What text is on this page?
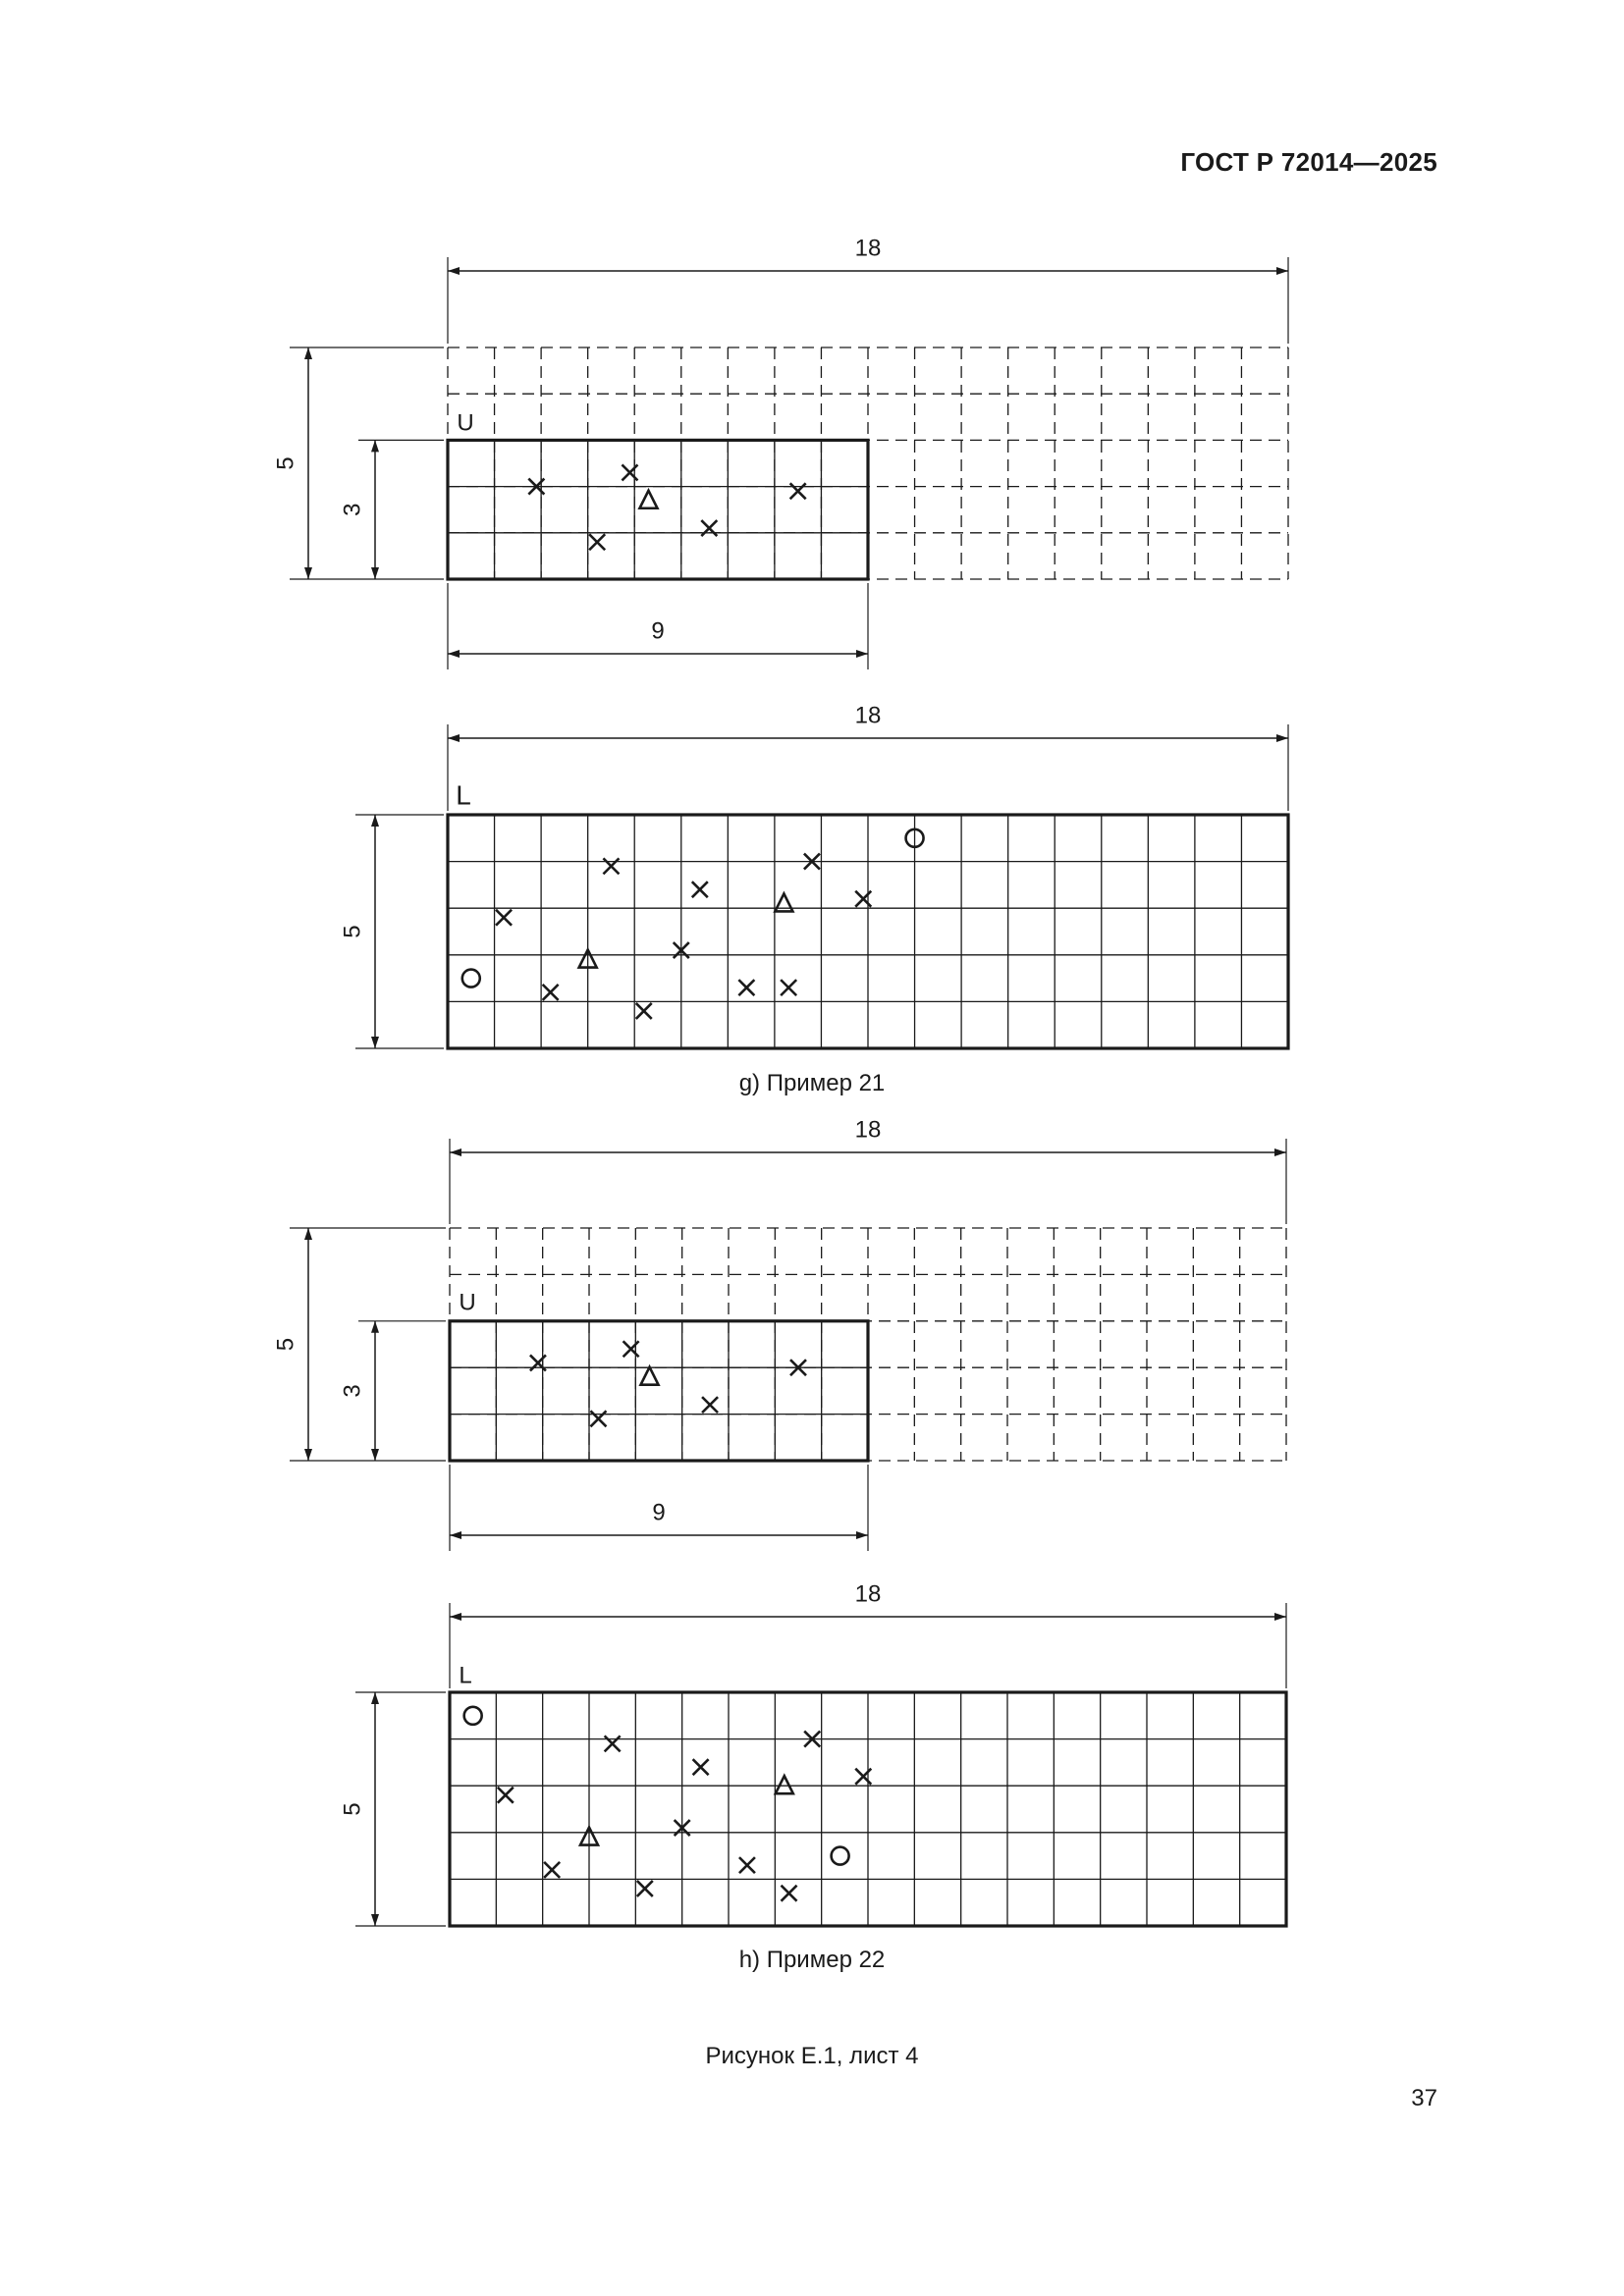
ГОСТ Р 72014—2025
18
5
3
9
U
18
5
L
18
5
3
9
U
18
5
L
g) Пример 21
h) Пример 22
Рисунок Е.1, лист 4
37
